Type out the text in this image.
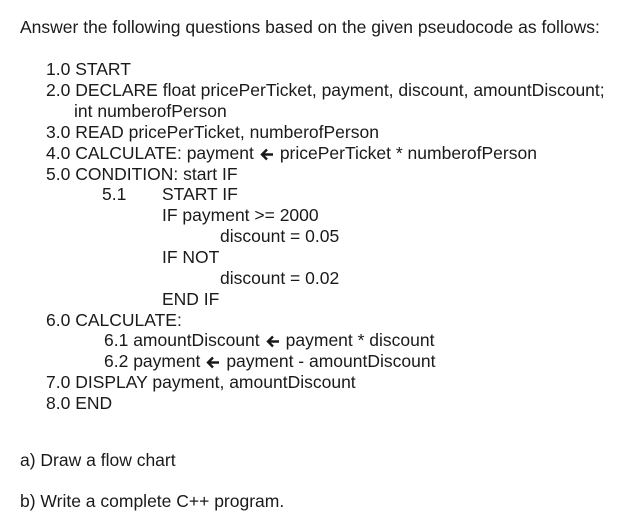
Answer the following questions based on the given pseudocode as follows:
1.0 START
2.0 DECLARE float pricePerTicket, payment, discount, amountDiscount;
int numberofPerson
3.0 READ pricePerTicket, numberofPerson
4.0 CALCULATE: payment pricePerTicket * numberofPerson
5.0 CONDITION: start IF
5.1 START IF
IF payment >= 2000
discount = 0.05
IF NOT
discount = 0.02
END IF
6.0 CALCULATE:
6.1 amountDiscount payment * discount
6.2 payment payment - amountDiscount
7.0 DISPLAY payment, amountDiscount
8.0 END
a) Draw a flow chart
b) Write a complete C++ program.
